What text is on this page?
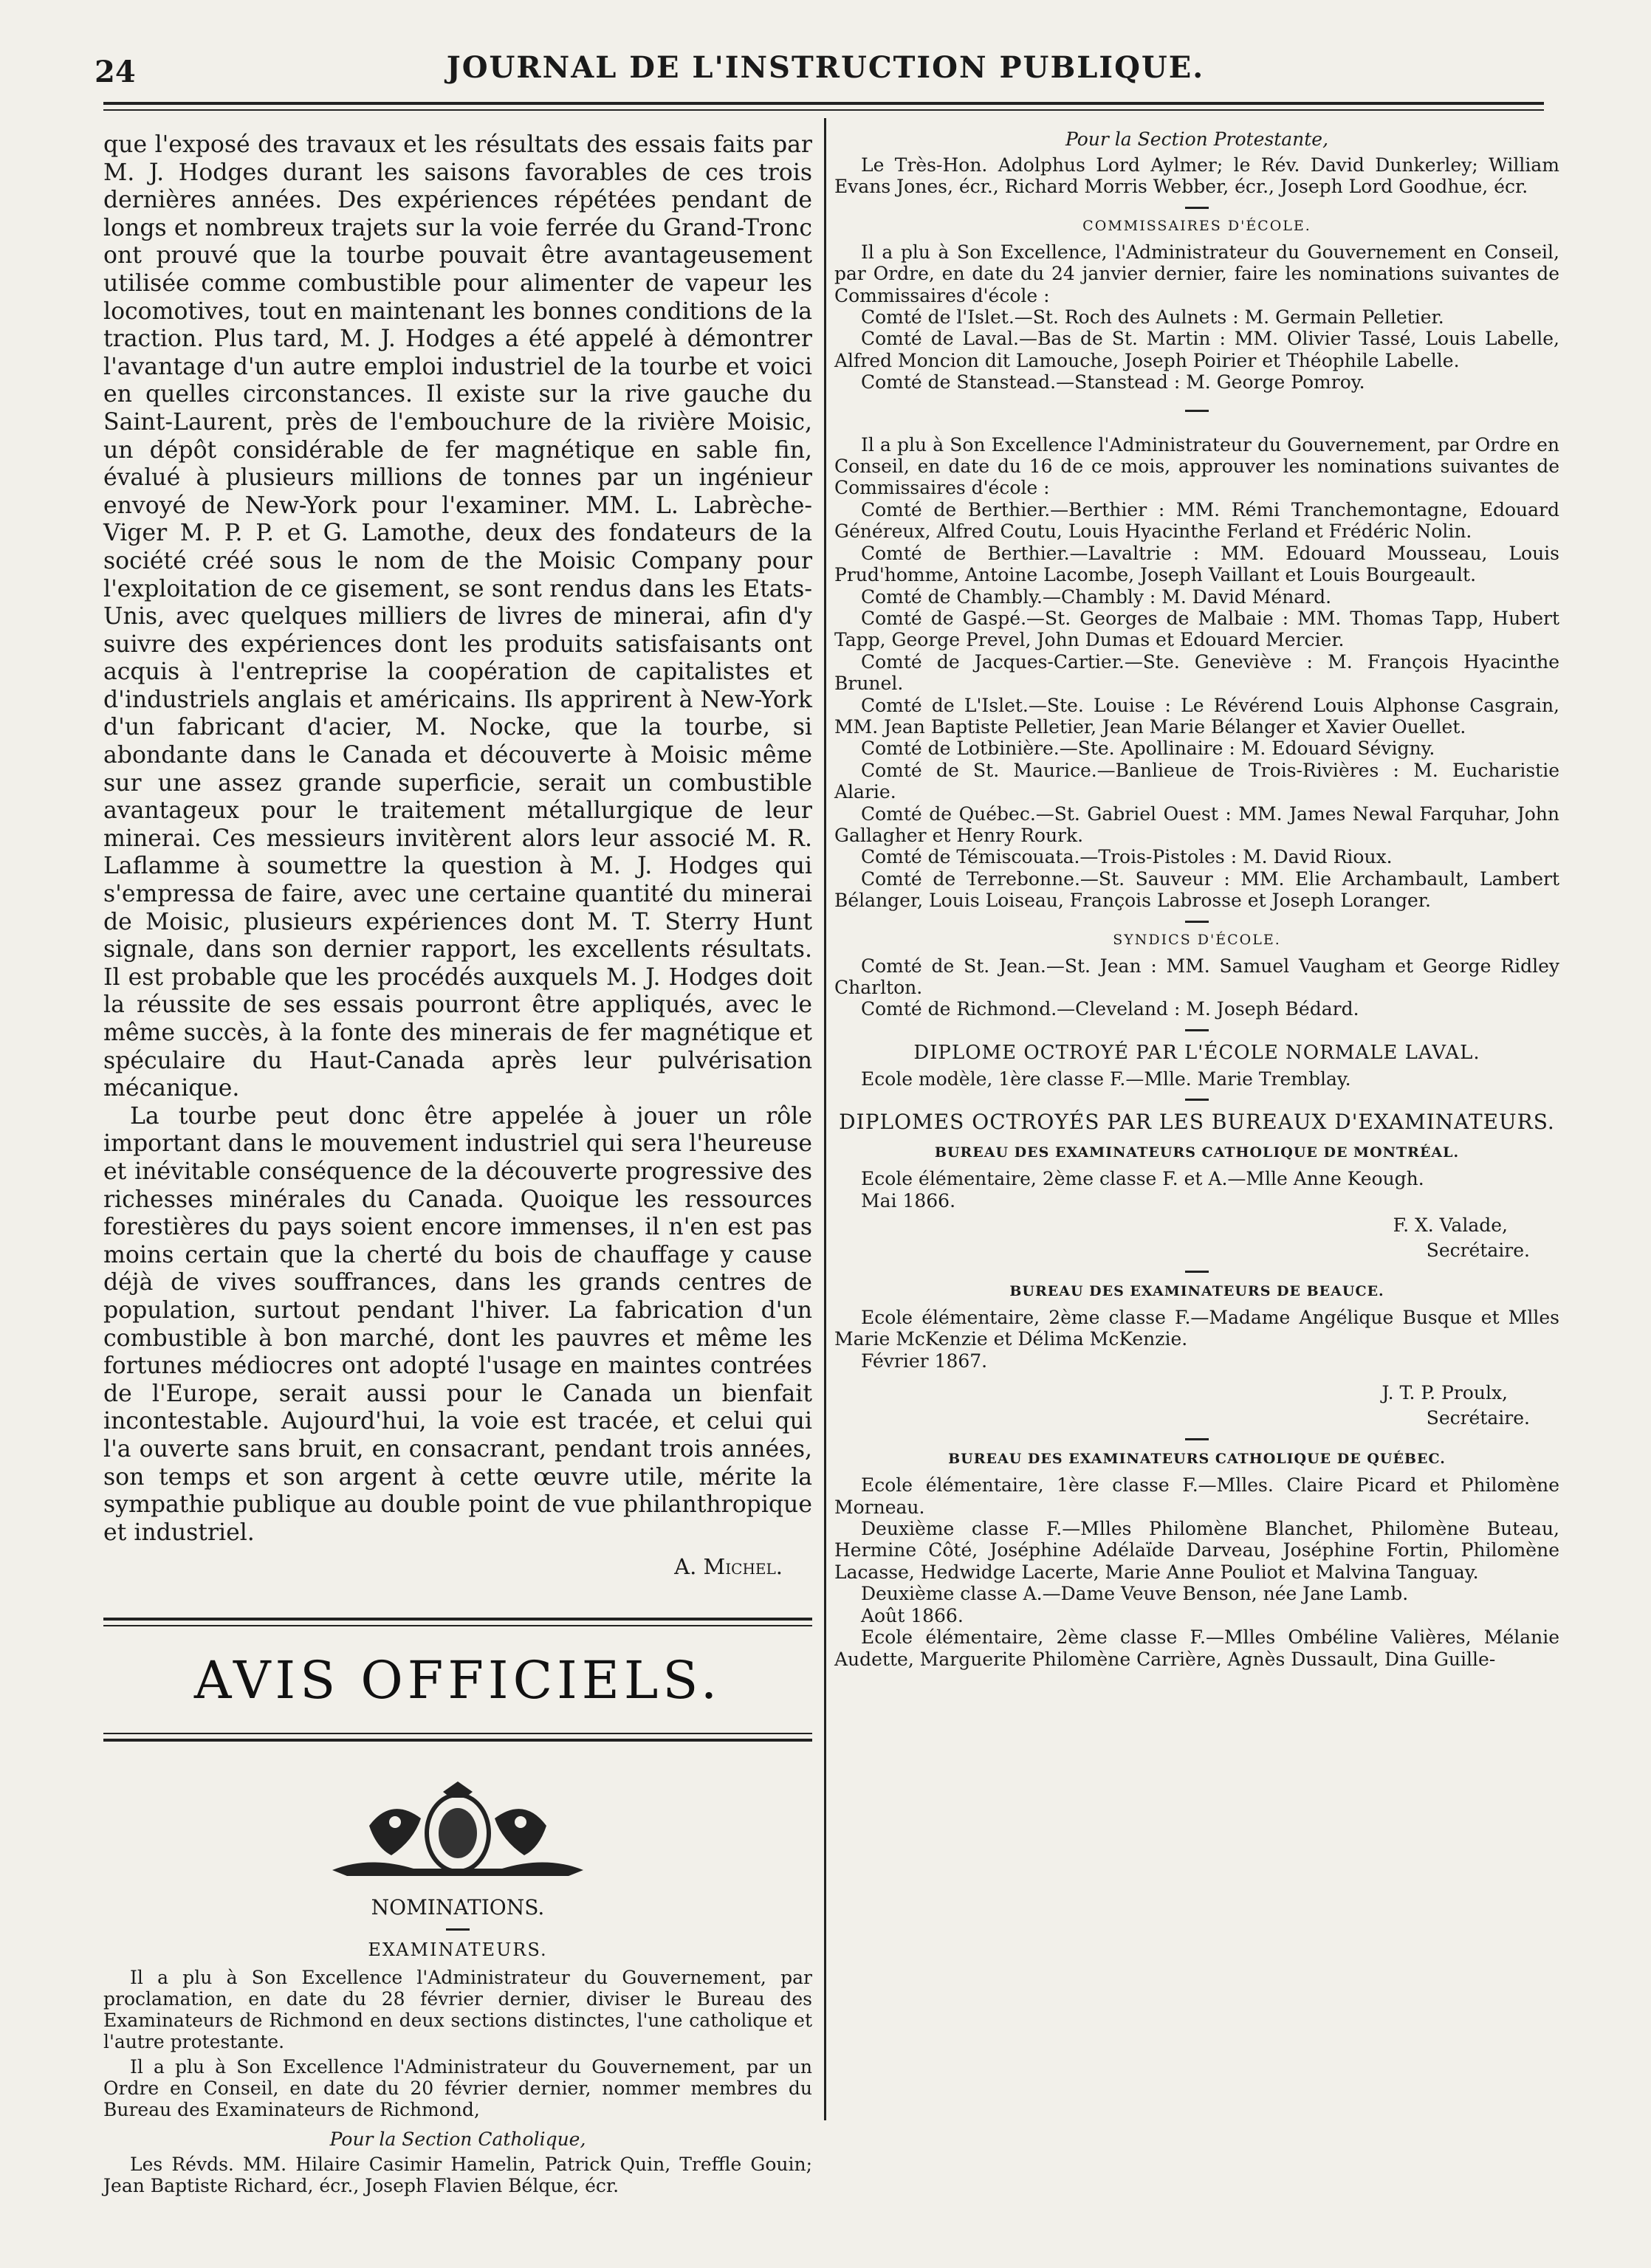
24	JOURNAL DE L'INSTRUCTION PUBLIQUE.

que l'exposé des travaux et les résultats des essais faits par M. J. Hodges durant les saisons favorables de ces trois dernières années. Des expériences répétées pendant de longs et nombreux trajets sur la voie ferrée du Grand-Tronc ont prouvé que la tourbe pouvait être avantageusement utilisée comme combustible pour alimenter de vapeur les locomotives, tout en maintenant les bonnes conditions de la traction. Plus tard, M. J. Hodges a été appelé à démontrer l'avantage d'un autre emploi industriel de la tourbe et voici en quelles circonstances. Il existe sur la rive gauche du Saint-Laurent, près de l'embouchure de la rivière Moisic, un dépôt considérable de fer magnétique en sable fin, évalué à plusieurs millions de tonnes par un ingénieur envoyé de New-York pour l'examiner. MM. L. Labrèche-Viger M. P. P. et G. Lamothe, deux des fondateurs de la société créé sous le nom de the Moisic Company pour l'exploitation de ce gisement, se sont rendus dans les Etats-Unis, avec quelques milliers de livres de minerai, afin d'y suivre des expériences dont les produits satisfaisants ont acquis à l'entreprise la coopération de capitalistes et d'industriels anglais et américains. Ils apprirent à New-York d'un fabricant d'acier, M. Nocke, que la tourbe, si abondante dans le Canada et découverte à Moisic même sur une assez grande superficie, serait un combustible avantageux pour le traitement métallurgique de leur minerai. Ces messieurs invitèrent alors leur associé M. R. Laflamme à soumettre la question à M. J. Hodges qui s'empressa de faire, avec une certaine quantité du minerai de Moisic, plusieurs expériences dont M. T. Sterry Hunt signale, dans son dernier rapport, les excellents résultats. Il est probable que les procédés auxquels M. J. Hodges doit la réussite de ses essais pourront être appliqués, avec le même succès, à la fonte des minerais de fer magnétique et spéculaire du Haut-Canada après leur pulvérisation mécanique.

La tourbe peut donc être appelée à jouer un rôle important dans le mouvement industriel qui sera l'heureuse et inévitable conséquence de la découverte progressive des richesses minérales du Canada. Quoique les ressources forestières du pays soient encore immenses, il n'en est pas moins certain que la cherté du bois de chauffage y cause déjà de vives souffrances, dans les grands centres de population, surtout pendant l'hiver. La fabrication d'un combustible à bon marché, dont les pauvres et même les fortunes médiocres ont adopté l'usage en maintes contrées de l'Europe, serait aussi pour le Canada un bienfait incontestable. Aujourd'hui, la voie est tracée, et celui qui l'a ouverte sans bruit, en consacrant, pendant trois années, son temps et son argent à cette œuvre utile, mérite la sympathie publique au double point de vue philanthropique et industriel.

A. Michel.
AVIS OFFICIELS.
NOMINATIONS.
EXAMINATEURS.

Il a plu à Son Excellence l'Administrateur du Gouvernement, par proclamation, en date du 28 février dernier, diviser le Bureau des Examinateurs de Richmond en deux sections distinctes, l'une catholique et l'autre protestante.

Il a plu à Son Excellence l'Administrateur du Gouvernement, par un Ordre en Conseil, en date du 20 février dernier, nommer membres du Bureau des Examinateurs de Richmond,

Pour la Section Catholique,

Les Révds. MM. Hilaire Casimir Hamelin, Patrick Quin, Treffle Gouin; Jean Baptiste Richard, écr., Joseph Flavien Bélque, écr.

Pour la Section Protestante,

Le Très-Hon. Adolphus Lord Aylmer; le Rév. David Dunkerley; William Evans Jones, écr., Richard Morris Webber, écr., Joseph Lord Goodhue, écr.

COMMISSAIRES D'ÉCOLE.

Il a plu à Son Excellence, l'Administrateur du Gouvernement en Conseil, par Ordre, en date du 24 janvier dernier, faire les nominations suivantes de Commissaires d'école :

Comté de l'Islet.—St. Roch des Aulnets : M. Germain Pelletier.

Comté de Laval.—Bas de St. Martin : MM. Olivier Tassé, Louis Labelle, Alfred Moncion dit Lamouche, Joseph Poirier et Théophile Labelle.

Comté de Stanstead.—Stanstead : M. George Pomroy.

Il a plu à Son Excellence l'Administrateur du Gouvernement, par Ordre en Conseil, en date du 16 de ce mois, approuver les nominations suivantes de Commissaires d'école :

Comté de Berthier.—Berthier : MM. Rémi Tranchemontagne, Edouard Généreux, Alfred Coutu, Louis Hyacinthe Ferland et Frédéric Nolin.

Comté de Berthier.—Lavaltrie : MM. Edouard Mousseau, Louis Prud'homme, Antoine Lacombe, Joseph Vaillant et Louis Bourgeault.

Comté de Chambly.—Chambly : M. David Ménard.

Comté de Gaspé.—St. Georges de Malbaie : MM. Thomas Tapp, Hubert Tapp, George Prevel, John Dumas et Edouard Mercier.

Comté de Jacques-Cartier.—Ste. Geneviève : M. François Hyacinthe Brunel.

Comté de L'Islet.—Ste. Louise : Le Révérend Louis Alphonse Casgrain, MM. Jean Baptiste Pelletier, Jean Marie Bélanger et Xavier Ouellet.

Comté de Lotbinière.—Ste. Apollinaire : M. Edouard Sévigny.

Comté de St. Maurice.—Banlieue de Trois-Rivières : M. Eucharistie Alarie.

Comté de Québec.—St. Gabriel Ouest : MM. James Newal Farquhar, John Gallagher et Henry Rourk.

Comté de Témiscouata.—Trois-Pistoles : M. David Rioux.

Comté de Terrebonne.—St. Sauveur : MM. Elie Archambault, Lambert Bélanger, Louis Loiseau, François Labrosse et Joseph Loranger.

SYNDICS D'ÉCOLE.

Comté de St. Jean.—St. Jean : MM. Samuel Vaugham et George Ridley Charlton.

Comté de Richmond.—Cleveland : M. Joseph Bédard.

DIPLOME OCTROYÉ PAR L'ÉCOLE NORMALE LAVAL.

Ecole modèle, 1ère classe F.—Mlle. Marie Tremblay.

DIPLOMES OCTROYÉS PAR LES BUREAUX D'EXAMINATEURS.
BUREAU DES EXAMINATEURS CATHOLIQUE DE MONTRÉAL.

Ecole élémentaire, 2ème classe F. et A.—Mlle Anne Keough.

Mai 1866.

F. X. Valade,
Secrétaire.
BUREAU DES EXAMINATEURS DE BEAUCE.

Ecole élémentaire, 2ème classe F.—Madame Angélique Busque et Mlles Marie McKenzie et Délima McKenzie.

Février 1867.

J. T. P. Proulx,
Secrétaire.
BUREAU DES EXAMINATEURS CATHOLIQUE DE QUÉBEC.

Ecole élémentaire, 1ère classe F.—Mlles. Claire Picard et Philomène Morneau.

Deuxième classe F.—Mlles Philomène Blanchet, Philomène Buteau, Hermine Côté, Joséphine Adélaïde Darveau, Joséphine Fortin, Philomène Lacasse, Hedwidge Lacerte, Marie Anne Pouliot et Malvina Tanguay.

Deuxième classe A.—Dame Veuve Benson, née Jane Lamb.

Août 1866.

Ecole élémentaire, 2ème classe F.—Mlles Ombéline Valières, Mélanie Audette, Marguerite Philomène Carrière, Agnès Dussault, Dina Guille-
